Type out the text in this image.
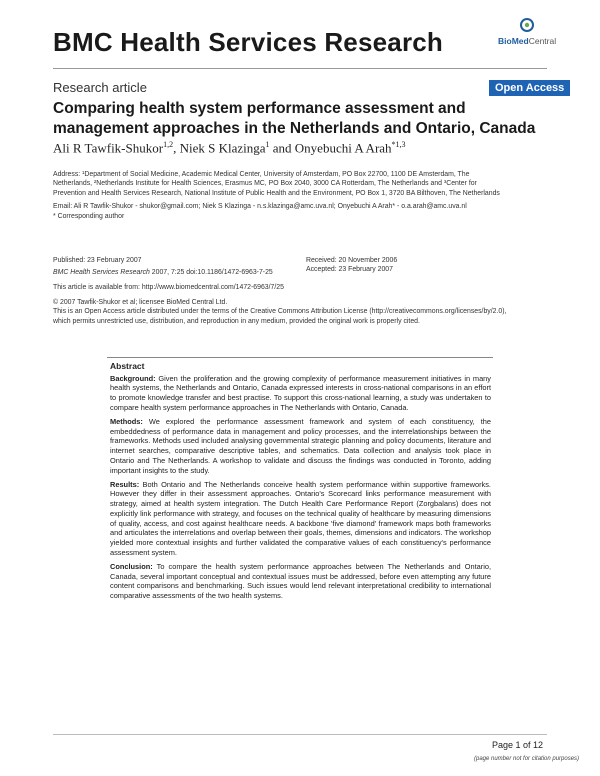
BMC Health Services Research	BioMedCentral
Research article	Open Access
Comparing health system performance assessment and management approaches in the Netherlands and Ontario, Canada
Ali R Tawfik-Shukor$^{1,2}$, Niek S Klazinga$^1$ and Onyebuchi A Arah$^{*1,3}$
Address: ¹Department of Social Medicine, Academic Medical Center, University of Amsterdam, PO Box 22700, 1100 DE Amsterdam, The
Netherlands, ²Netherlands Institute for Health Sciences, Erasmus MC, PO Box 2040, 3000 CA Rotterdam, The Netherlands and ³Center for
Prevention and Health Services Research, National Institute of Public Health and the Environment, PO Box 1, 3720 BA Bilthoven, The Netherlands
Email: Ali R Tawfik-Shukor - shukor@gmail.com; Niek S Klazinga - n.s.klazinga@amc.uva.nl; Onyebuchi A Arah* - o.a.arah@amc.uva.nl
* Corresponding author
Published: 23 February 2007
BMC Health Services Research 2007, 7:25 doi:10.1186/1472-6963-7-25
Received: 20 November 2006
Accepted: 23 February 2007
This article is available from: http://www.biomedcentral.com/1472-6963/7/25
© 2007 Tawfik-Shukor et al; licensee BioMed Central Ltd.
This is an Open Access article distributed under the terms of the Creative Commons Attribution License (http://creativecommons.org/licenses/by/2.0),
which permits unrestricted use, distribution, and reproduction in any medium, provided the original work is properly cited.
Abstract

Background: Given the proliferation and the growing complexity of performance measurement initiatives in many health systems, the Netherlands and Ontario, Canada expressed interests in cross-national comparisons in an effort to promote knowledge transfer and best practise. To support this cross-national learning, a study was undertaken to compare health system performance approaches in The Netherlands with Ontario, Canada.

Methods: We explored the performance assessment framework and system of each constituency, the embeddedness of performance data in management and policy processes, and the interrelationships between the frameworks. Methods used included analysing governmental strategic planning and policy documents, literature and internet searches, comparative descriptive tables, and schematics. Data collection and analysis took place in Ontario and The Netherlands. A workshop to validate and discuss the findings was conducted in Toronto, adding important insights to the study.

Results: Both Ontario and The Netherlands conceive health system performance within supportive frameworks. However they differ in their assessment approaches. Ontario's Scorecard links performance measurement with strategy, aimed at health system integration. The Dutch Health Care Performance Report (Zorgbalans) does not explicitly link performance with strategy, and focuses on the technical quality of healthcare by measuring dimensions of quality, access, and cost against healthcare needs. A backbone 'five diamond' framework maps both frameworks and articulates the interrelations and overlap between their goals, themes, dimensions and indicators. The workshop yielded more contextual insights and further validated the comparative values of each constituency's performance assessment system.

Conclusion: To compare the health system performance approaches between The Netherlands and Ontario, Canada, several important conceptual and contextual issues must be addressed, before even attempting any future content comparisons and benchmarking. Such issues would lend relevant interpretational credibility to international comparative assessments of the two health systems.

Page 1 of 12
(page number not for citation purposes)
